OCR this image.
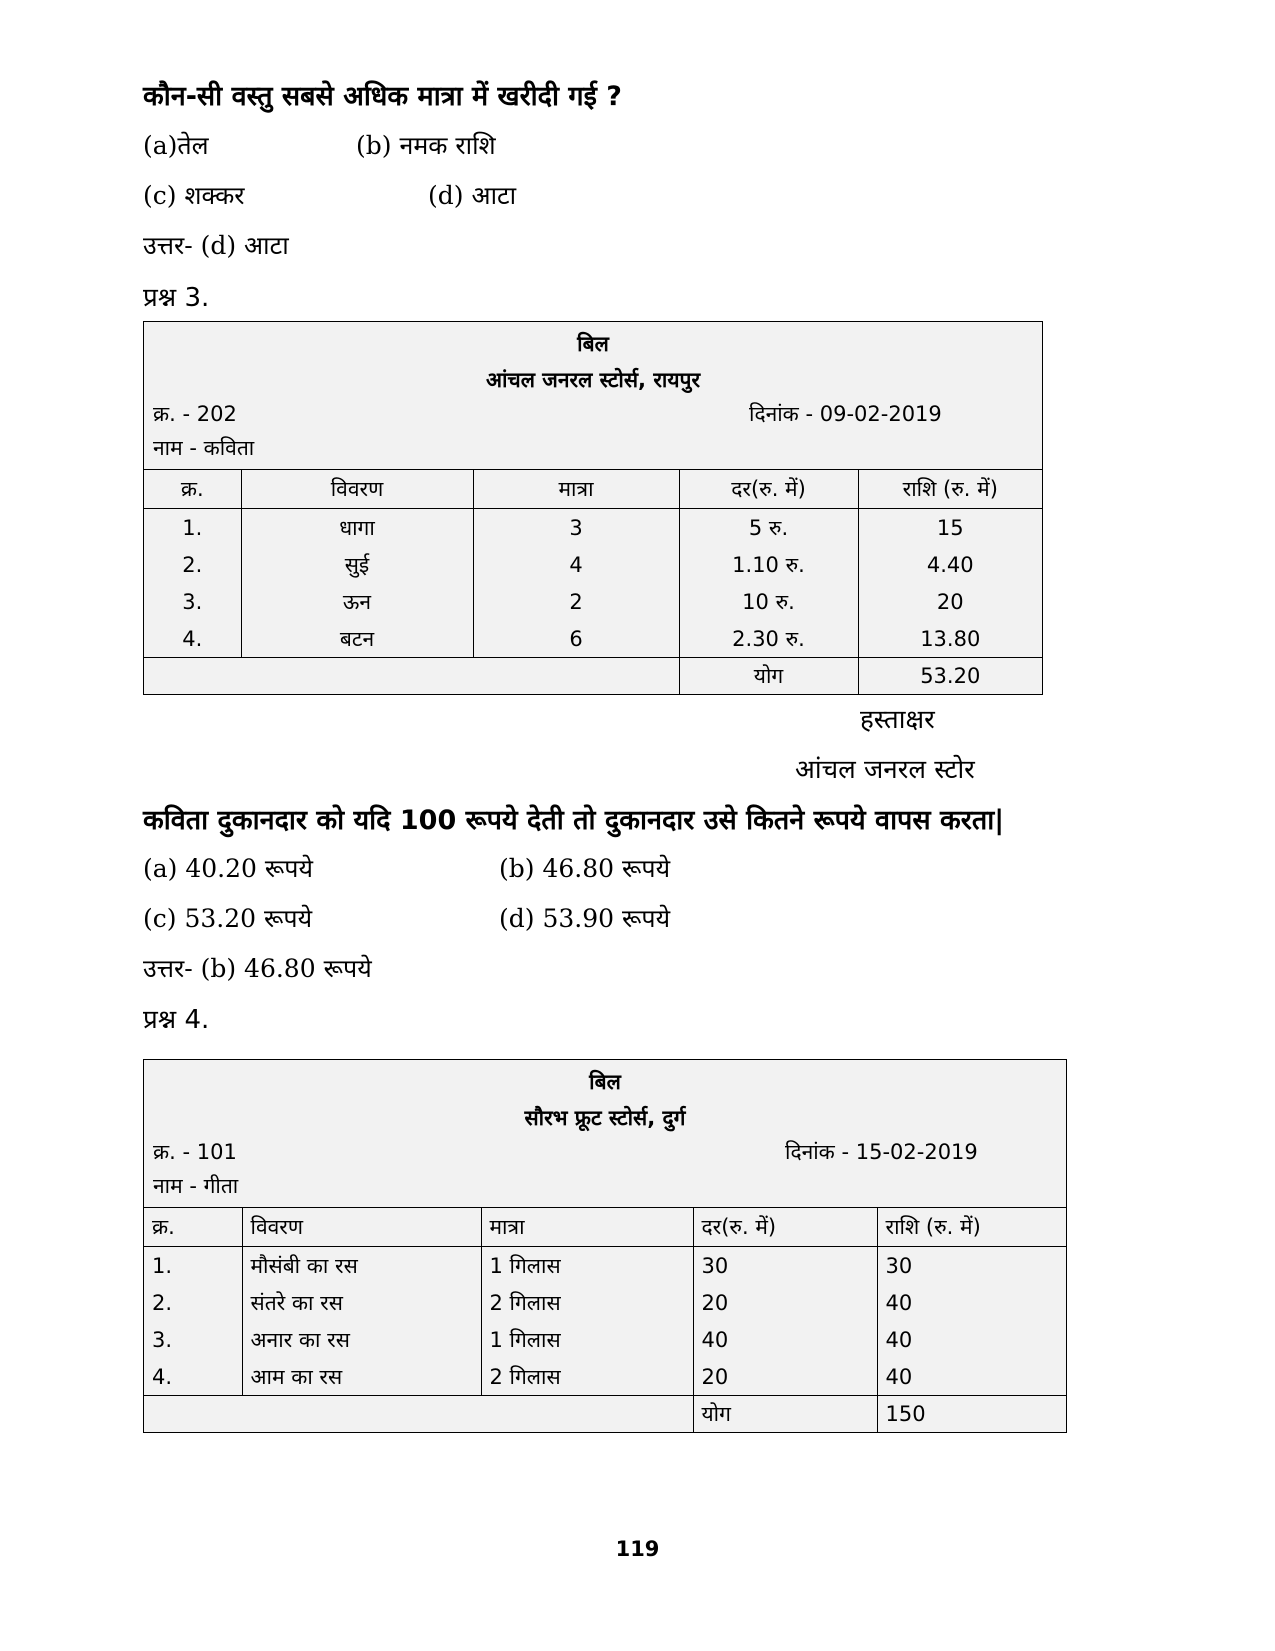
कौन-सी वस्तु सबसे अधिक मात्रा में खरीदी गई ?
(a)तेल	(b) नमक राशि
(c) शक्कर	(d) आटा
उत्तर- (d) आटा
प्रश्न 3.
बिल
आंचल जनरल स्टोर्स, रायपुर
क्र. - 202	दिनांक - 09-02-2019
नाम - कविता
क्र.	विवरण	मात्रा	दर(रु. में)	राशि (रु. में)
1.	धागा	3	5 रु.	15
2.	सुई	4	1.10 रु.	4.40
3.	ऊन	2	10 रु.	20
4.	बटन	6	2.30 रु.	13.80
			योग	53.20
हस्ताक्षर
आंचल जनरल स्टोर
कविता दुकानदार को यदि 100 रूपये देती तो दुकानदार उसे कितने रूपये वापस करता|
(a) 40.20 रूपये	(b) 46.80 रूपये
(c) 53.20 रूपये	(d) 53.90 रूपये
उत्तर- (b) 46.80 रूपये
प्रश्न 4.
बिल
सौरभ फ्रूट स्टोर्स, दुर्ग
क्र. - 101	दिनांक - 15-02-2019
नाम - गीता
क्र.	विवरण	मात्रा	दर(रु. में)	राशि (रु. में)
1.	मौसंबी का रस	1 गिलास	30	30
2.	संतरे का रस	2 गिलास	20	40
3.	अनार का रस	1 गिलास	40	40
4.	आम का रस	2 गिलास	20	40
			योग	150
119
